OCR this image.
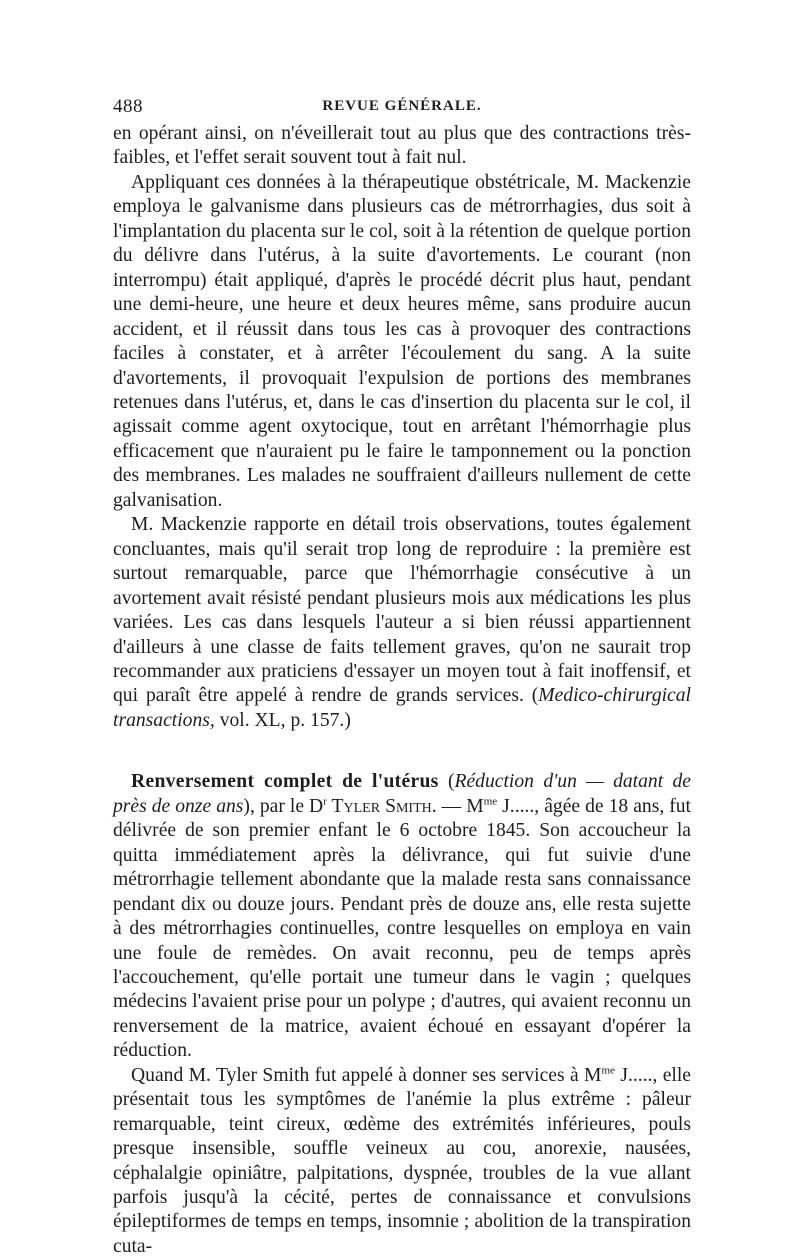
488	REVUE GÉNÉRALE.

en opérant ainsi, on n'éveillerait tout au plus que des contractions très-faibles, et l'effet serait souvent tout à fait nul.

Appliquant ces données à la thérapeutique obstétricale, M. Mackenzie employa le galvanisme dans plusieurs cas de métrorrhagies, dus soit à l'implantation du placenta sur le col, soit à la rétention de quelque portion du délivre dans l'utérus, à la suite d'avortements. Le courant (non interrompu) était appliqué, d'après le procédé décrit plus haut, pendant une demi-heure, une heure et deux heures même, sans produire aucun accident, et il réussit dans tous les cas à provoquer des contractions faciles à constater, et à arrêter l'écoulement du sang. A la suite d'avortements, il provoquait l'expulsion de portions des membranes retenues dans l'utérus, et, dans le cas d'insertion du placenta sur le col, il agissait comme agent oxytocique, tout en arrêtant l'hémorrhagie plus efficacement que n'auraient pu le faire le tamponnement ou la ponction des membranes. Les malades ne souffraient d'ailleurs nullement de cette galvanisation.

M. Mackenzie rapporte en détail trois observations, toutes également concluantes, mais qu'il serait trop long de reproduire : la première est surtout remarquable, parce que l'hémorrhagie consécutive à un avortement avait résisté pendant plusieurs mois aux médications les plus variées. Les cas dans lesquels l'auteur a si bien réussi appartiennent d'ailleurs à une classe de faits tellement graves, qu'on ne saurait trop recommander aux praticiens d'essayer un moyen tout à fait inoffensif, et qui paraît être appelé à rendre de grands services. (Medico-chirurgical transactions, vol. XL, p. 157.)

Renversement complet de l'utérus (Réduction d'un — datant de près de onze ans), par le $D^r$ Tyler Smith. — $M^{me}$ J....., âgée de 18 ans, fut délivrée de son premier enfant le 6 octobre 1845. Son accoucheur la quitta immédiatement après la délivrance, qui fut suivie d'une métrorrhagie tellement abondante que la malade resta sans connaissance pendant dix ou douze jours. Pendant près de douze ans, elle resta sujette à des métrorrhagies continuelles, contre lesquelles on employa en vain une foule de remèdes. On avait reconnu, peu de temps après l'accouchement, qu'elle portait une tumeur dans le vagin ; quelques médecins l'avaient prise pour un polype ; d'autres, qui avaient reconnu un renversement de la matrice, avaient échoué en essayant d'opérer la réduction.

Quand M. Tyler Smith fut appelé à donner ses services à $M^{me}$ J....., elle présentait tous les symptômes de l'anémie la plus extrême : pâleur remarquable, teint cireux, œdème des extrémités inférieures, pouls presque insensible, souffle veineux au cou, anorexie, nausées, céphalalgie opiniâtre, palpitations, dyspnée, troubles de la vue allant parfois jusqu'à la cécité, pertes de connaissance et convulsions épileptiformes de temps en temps, insomnie ; abolition de la transpiration cuta-
